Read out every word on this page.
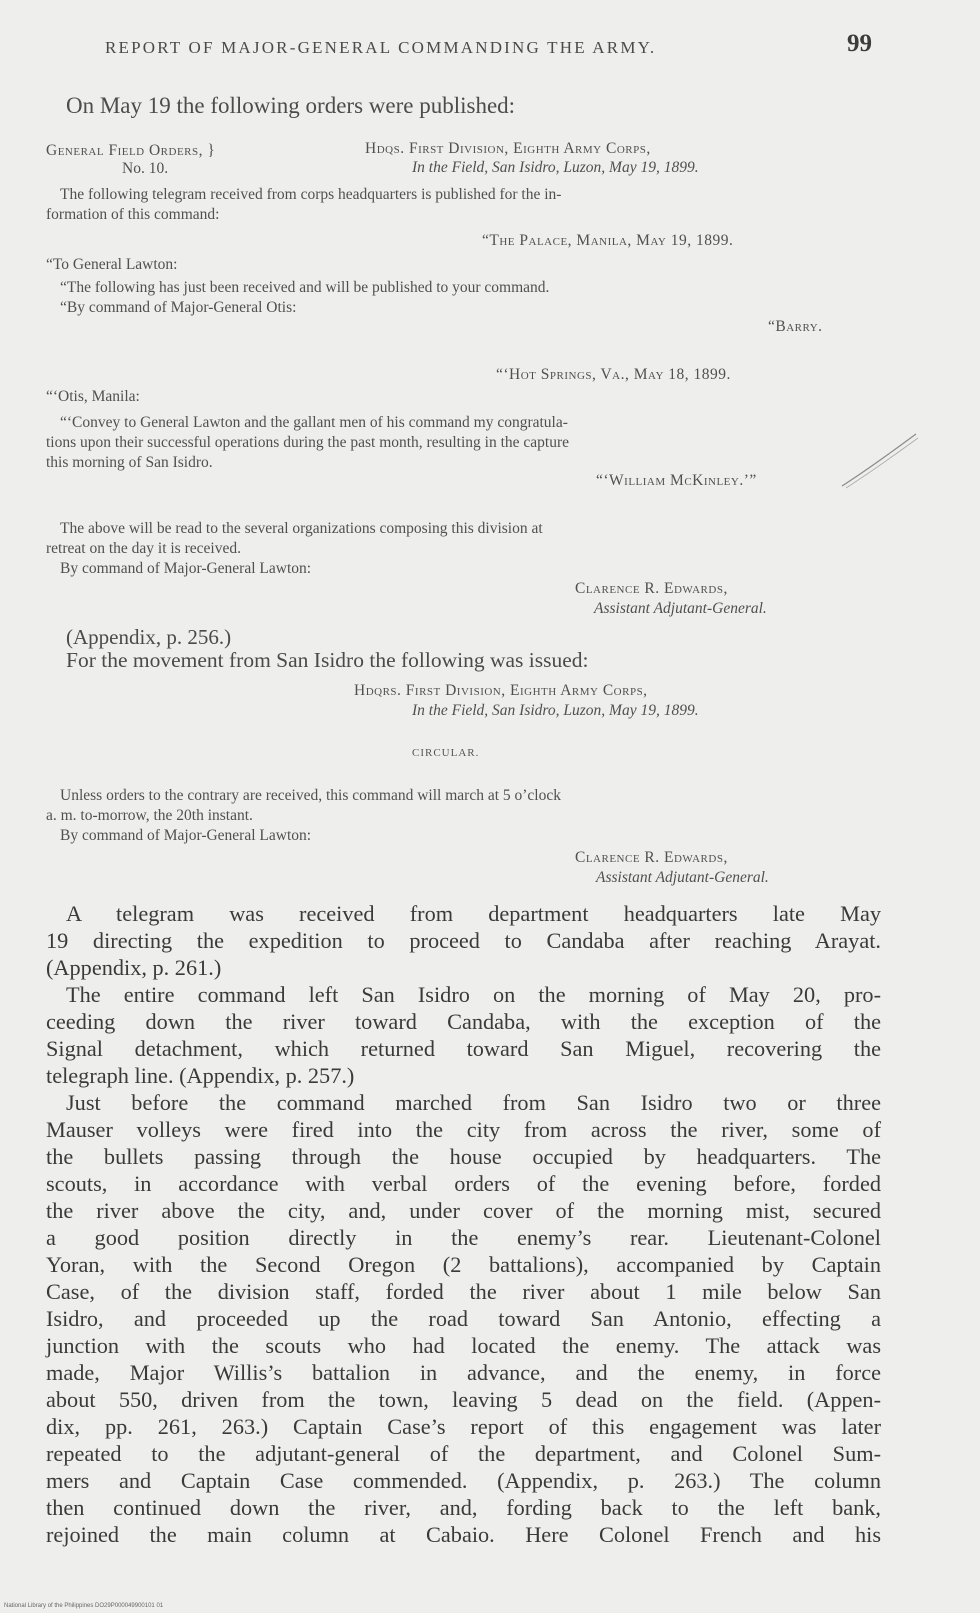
REPORT OF MAJOR-GENERAL COMMANDING THE ARMY.	99
On May 19 the following orders were published:
General Field Orders, }
No. 10.
Hdqs. First Division, Eighth Army Corps,
In the Field, San Isidro, Luzon, May 19, 1899.
The following telegram received from corps headquarters is published for the in-
formation of this command:
“The Palace, Manila, May 19, 1899.
“To General Lawton:
“The following has just been received and will be published to your command.
“By command of Major-General Otis:
“Barry.
“‘Hot Springs, Va., May 18, 1899.
“‘Otis, Manila:
“‘Convey to General Lawton and the gallant men of his command my congratula-
tions upon their successful operations during the past month, resulting in the capture
this morning of San Isidro.
“‘William McKinley.’”
The above will be read to the several organizations composing this division at
retreat on the day it is received.
By command of Major-General Lawton:
Clarence R. Edwards,
Assistant Adjutant-General.
(Appendix, p. 256.)
For the movement from San Isidro the following was issued:
Hdqrs. First Division, Eighth Army Corps,
In the Field, San Isidro, Luzon, May 19, 1899.
CIRCULAR.
Unless orders to the contrary are received, this command will march at 5 o’clock
a. m. to-morrow, the 20th instant.
By command of Major-General Lawton:
Clarence R. Edwards,
Assistant Adjutant-General.
A telegram was received from department headquarters late May
19 directing the expedition to proceed to Candaba after reaching Arayat.
(Appendix, p. 261.)
The entire command left San Isidro on the morning of May 20, pro-
ceeding down the river toward Candaba, with the exception of the
Signal detachment, which returned toward San Miguel, recovering the
telegraph line. (Appendix, p. 257.)
Just before the command marched from San Isidro two or three
Mauser volleys were fired into the city from across the river, some of
the bullets passing through the house occupied by headquarters. The
scouts, in accordance with verbal orders of the evening before, forded
the river above the city, and, under cover of the morning mist, secured
a good position directly in the enemy’s rear. Lieutenant-Colonel
Yoran, with the Second Oregon (2 battalions), accompanied by Captain
Case, of the division staff, forded the river about 1 mile below San
Isidro, and proceeded up the road toward San Antonio, effecting a
junction with the scouts who had located the enemy. The attack was
made, Major Willis’s battalion in advance, and the enemy, in force
about 550, driven from the town, leaving 5 dead on the field. (Appen-
dix, pp. 261, 263.) Captain Case’s report of this engagement was later
repeated to the adjutant-general of the department, and Colonel Sum-
mers and Captain Case commended. (Appendix, p. 263.) The column
then continued down the river, and, fording back to the left bank,
rejoined the main column at Cabaio. Here Colonel French and his
National Library of the Philippines DO29P000049900101 01
